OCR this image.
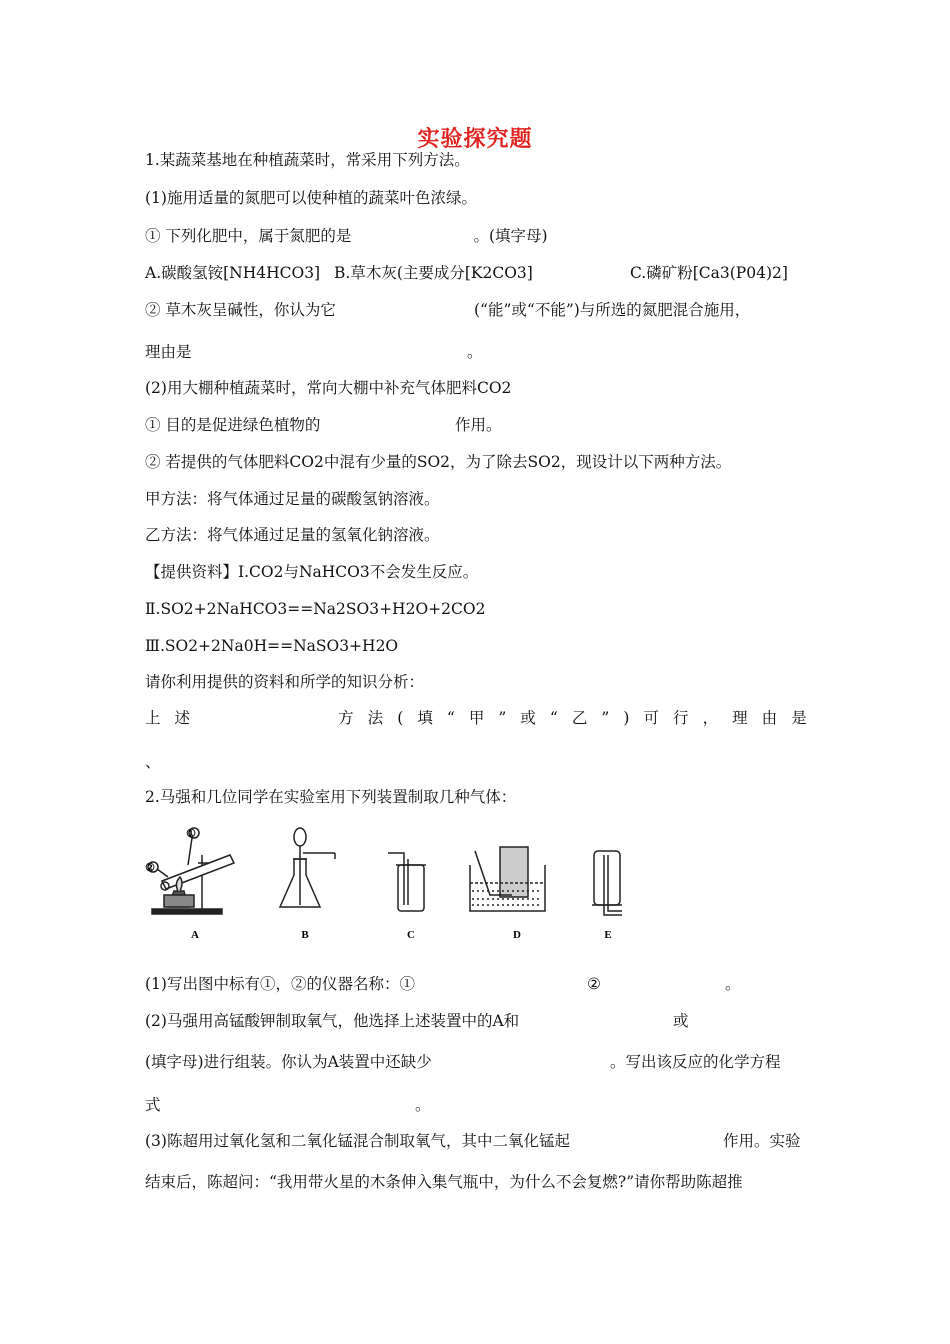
实验探究题
1.某蔬菜基地在种植蔬菜时，常采用下列方法。
(1)施用适量的氮肥可以使种植的蔬菜叶色浓绿。
① 下列化肥中，属于氮肥的是	。(填字母)
A.碳酸氢铵[NH4HCO3] B.草木灰(主要成分[K2CO3]	C.磷矿粉[Ca3(P04)2]
② 草木灰呈碱性，你认为它	(“能”或“不能”)与所选的氮肥混合施用，
理由是	。
(2)用大棚种植蔬菜时，常向大棚中补充气体肥料CO2
① 目的是促进绿色植物的	作用。
② 若提供的气体肥料CO2中混有少量的SO2，为了除去SO2，现设计以下两种方法。
甲方法：将气体通过足量的碳酸氢钠溶液。
乙方法：将气体通过足量的氢氧化钠溶液。
【提供资料】I.CO2与NaHCO3不会发生反应。
Ⅱ.SO2+2NaHCO3==Na2SO3+H2O+2CO2
Ⅲ.SO2+2Na0H==NaSO3+H2O
请你利用提供的资料和所学的知识分析：
上 述	方 法 ( 填 “ 甲 ” 或 “ 乙 ” ) 可 行 ， 理 由 是
、
2.马强和几位同学在实验室用下列装置制取几种气体：
①
②
A	B	C	D	E
(1)写出图中标有①，②的仪器名称：①	②	。
(2)马强用高锰酸钾制取氧气，他选择上述装置中的A和	或
(填字母)进行组装。你认为A装置中还缺少	。写出该反应的化学方程
式	。
(3)陈超用过氧化氢和二氧化锰混合制取氧气，其中二氧化锰起	作用。实验
结束后，陈超问：“我用带火星的木条伸入集气瓶中，为什么不会复燃?”请你帮助陈超推
